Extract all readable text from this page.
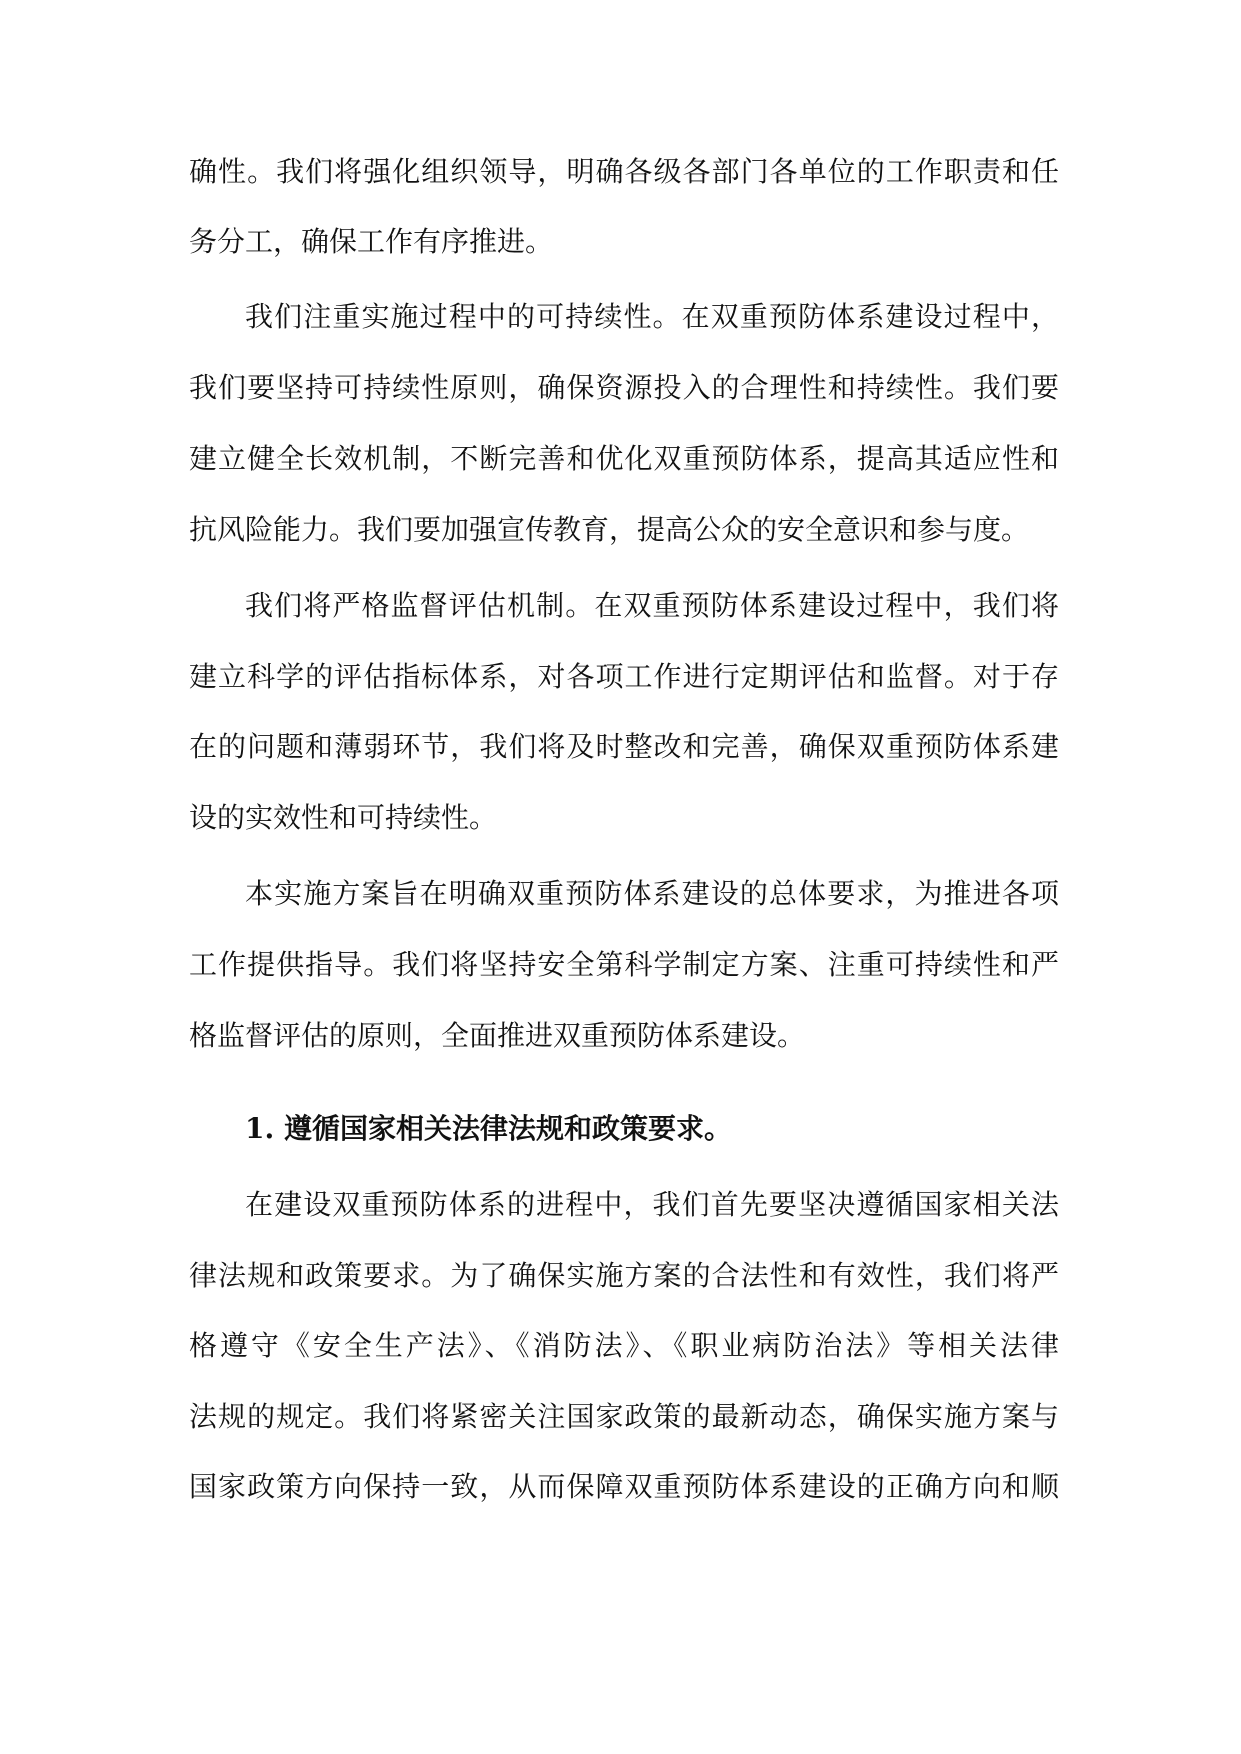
确性。我们将强化组织领导，明确各级各部门各单位的工作职责和任
务分工，确保工作有序推进。
我们注重实施过程中的可持续性。在双重预防体系建设过程中，
我们要坚持可持续性原则，确保资源投入的合理性和持续性。我们要
建立健全长效机制，不断完善和优化双重预防体系，提高其适应性和
抗风险能力。我们要加强宣传教育，提高公众的安全意识和参与度。
我们将严格监督评估机制。在双重预防体系建设过程中，我们将
建立科学的评估指标体系，对各项工作进行定期评估和监督。对于存
在的问题和薄弱环节，我们将及时整改和完善，确保双重预防体系建
设的实效性和可持续性。
本实施方案旨在明确双重预防体系建设的总体要求，为推进各项
工作提供指导。我们将坚持安全第科学制定方案、注重可持续性和严
格监督评估的原则，全面推进双重预防体系建设。
1. 遵循国家相关法律法规和政策要求。
在建设双重预防体系的进程中，我们首先要坚决遵循国家相关法
律法规和政策要求。为了确保实施方案的合法性和有效性，我们将严
格遵守《安全生产法》、《消防法》、《职业病防治法》等相关法律
法规的规定。我们将紧密关注国家政策的最新动态，确保实施方案与
国家政策方向保持一致，从而保障双重预防体系建设的正确方向和顺
